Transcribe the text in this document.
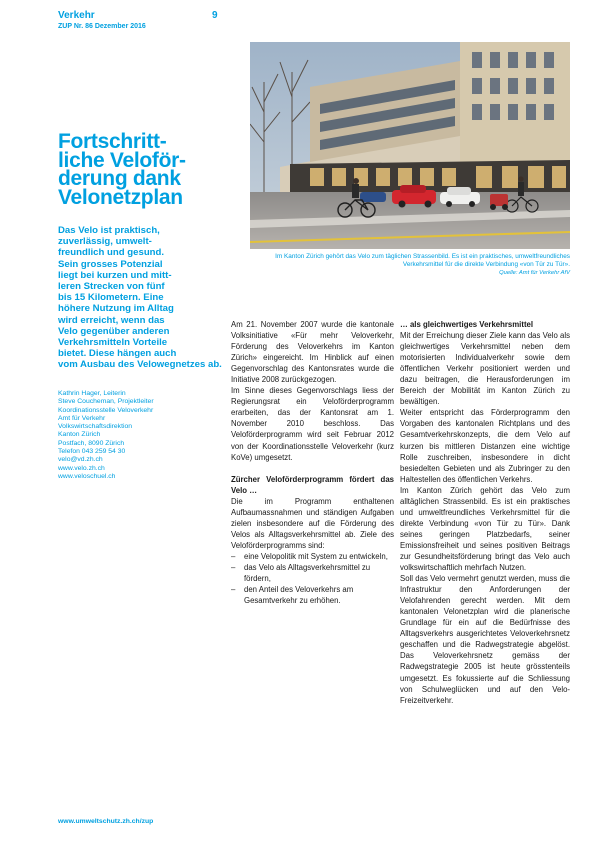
Verkehr
ZUP Nr. 86 Dezember 2016
9
Im Kanton Zürich gehört das Velo zum täglichen Strassenbild. Es ist ein praktisches, umweltfreundliches Verkehrsmittel für die direkte Verbindung «von Tür zu Tür».
Quelle: Amt für Verkehr AfV
Fortschritt-
liche Veloför-
derung dank
Velonetzplan
Das Velo ist praktisch,
zuverlässig, umwelt-
freundlich und gesund.
Sein grosses Potenzial
liegt bei kurzen und mitt-
leren Strecken von fünf
bis 15 Kilometern. Eine
höhere Nutzung im Alltag
wird erreicht, wenn das
Velo gegenüber anderen
Verkehrsmitteln Vorteile
bietet. Diese hängen auch
vom Ausbau des Velowegnetzes ab.
Kathrin Hager, Leiterin
Steve Coucheman, Projektleiter
Koordinationsstelle Veloverkehr
Amt für Verkehr
Volkswirtschaftsdirektion
Kanton Zürich
Postfach, 8090 Zürich
Telefon 043 259 54 30
velo@vd.zh.ch
www.velo.zh.ch
www.veloschuel.ch

Am 21. November 2007 wurde die kantonale Volksinitiative «Für mehr Veloverkehr, Förderung des Veloverkehrs im Kanton Zürich» eingereicht. Im Hinblick auf einen Gegenvorschlag des Kantonsrates wurde die Initiative 2008 zurückgezogen.

Im Sinne dieses Gegenvorschlags liess der Regierungsrat ein Veloförderprogramm erarbeiten, das der Kantonsrat am 1. November 2010 beschloss. Das Veloförderprogramm wird seit Februar 2012 von der Koordinationsstelle Veloverkehr (kurz KoVe) umgesetzt.

Zürcher Veloförderprogramm fördert das Velo …

Die im Programm enthaltenen Aufbaumassnahmen und ständigen Aufgaben zielen insbesondere auf die Förderung des Velos als Alltagsverkehrsmittel ab. Ziele des Veloförderprogramms sind:

–	eine Velopolitik mit System zu entwickeln,
–	das Velo als Alltagsverkehrsmittel zu fördern,
–	den Anteil des Veloverkehrs am Gesamtverkehr zu erhöhen.

… als gleichwertiges Verkehrsmittel

Mit der Erreichung dieser Ziele kann das Velo als gleichwertiges Verkehrsmittel neben dem motorisierten Individualverkehr sowie dem öffentlichen Verkehr positioniert werden und dazu beitragen, die Herausforderungen im Bereich der Mobilität im Kanton Zürich zu bewältigen.

Weiter entspricht das Förderprogramm den Vorgaben des kantonalen Richtplans und des Gesamtverkehrskonzepts, die dem Velo auf kurzen bis mittleren Distanzen eine wichtige Rolle zuschreiben, insbesondere in dicht besiedelten Gebieten und als Zubringer zu den Haltestellen des öffentlichen Verkehrs.

Im Kanton Zürich gehört das Velo zum alltäglichen Strassenbild. Es ist ein praktisches und umweltfreundliches Verkehrsmittel für die direkte Verbindung «von Tür zu Tür». Dank seines geringen Platzbedarfs, seiner Emissionsfreiheit und seines positiven Beitrags zur Gesundheitsförderung bringt das Velo auch volkswirtschaftlich mehrfach Nutzen.

Soll das Velo vermehrt genutzt werden, muss die Infrastruktur den Anforderungen der Velofahrenden gerecht werden. Mit dem kantonalen Velonetzplan wird die planerische Grundlage für ein auf die Bedürfnisse des Alltagsverkehrs ausgerichtetes Veloverkehrsnetz geschaffen und die Radwegstrategie abgelöst. Das Veloverkehrsnetz gemäss der Radwegstrategie 2005 ist heute grösstenteils umgesetzt. Es fokussierte auf die Schliessung von Schulweglücken und auf den Velo-Freizeitverkehr.

www.umweltschutz.zh.ch/zup
